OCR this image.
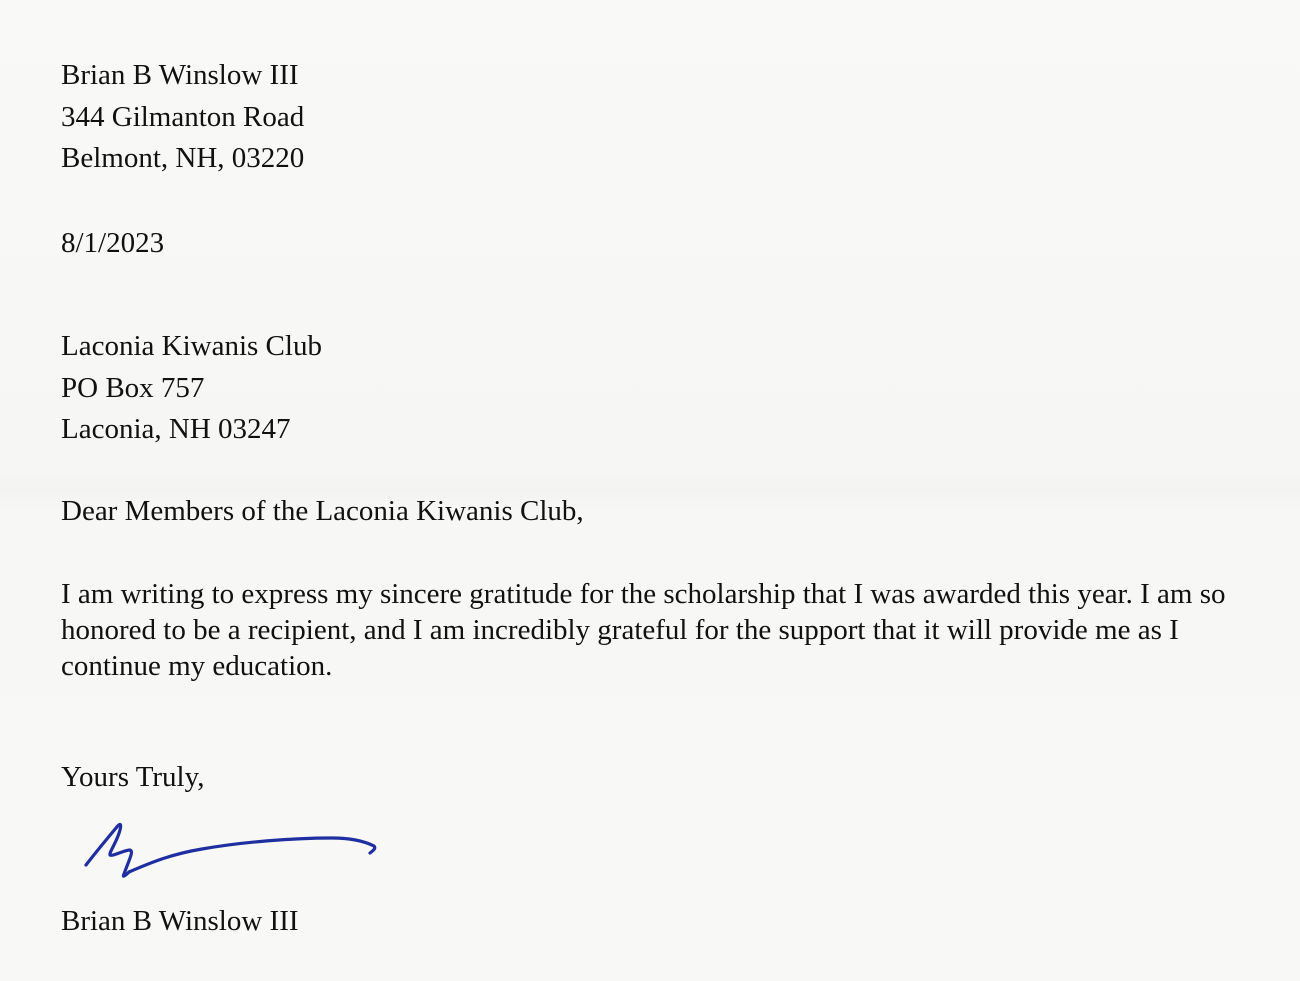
Brian B Winslow III
344 Gilmanton Road
Belmont, NH, 03220
8/1/2023
Laconia Kiwanis Club
PO Box 757
Laconia, NH 03247
Dear Members of the Laconia Kiwanis Club,
I am writing to express my sincere gratitude for the scholarship that I was awarded this year. I am so honored to be a recipient, and I am incredibly grateful for the support that it will provide me as I continue my education.
Yours Truly,
Brian B Winslow III
